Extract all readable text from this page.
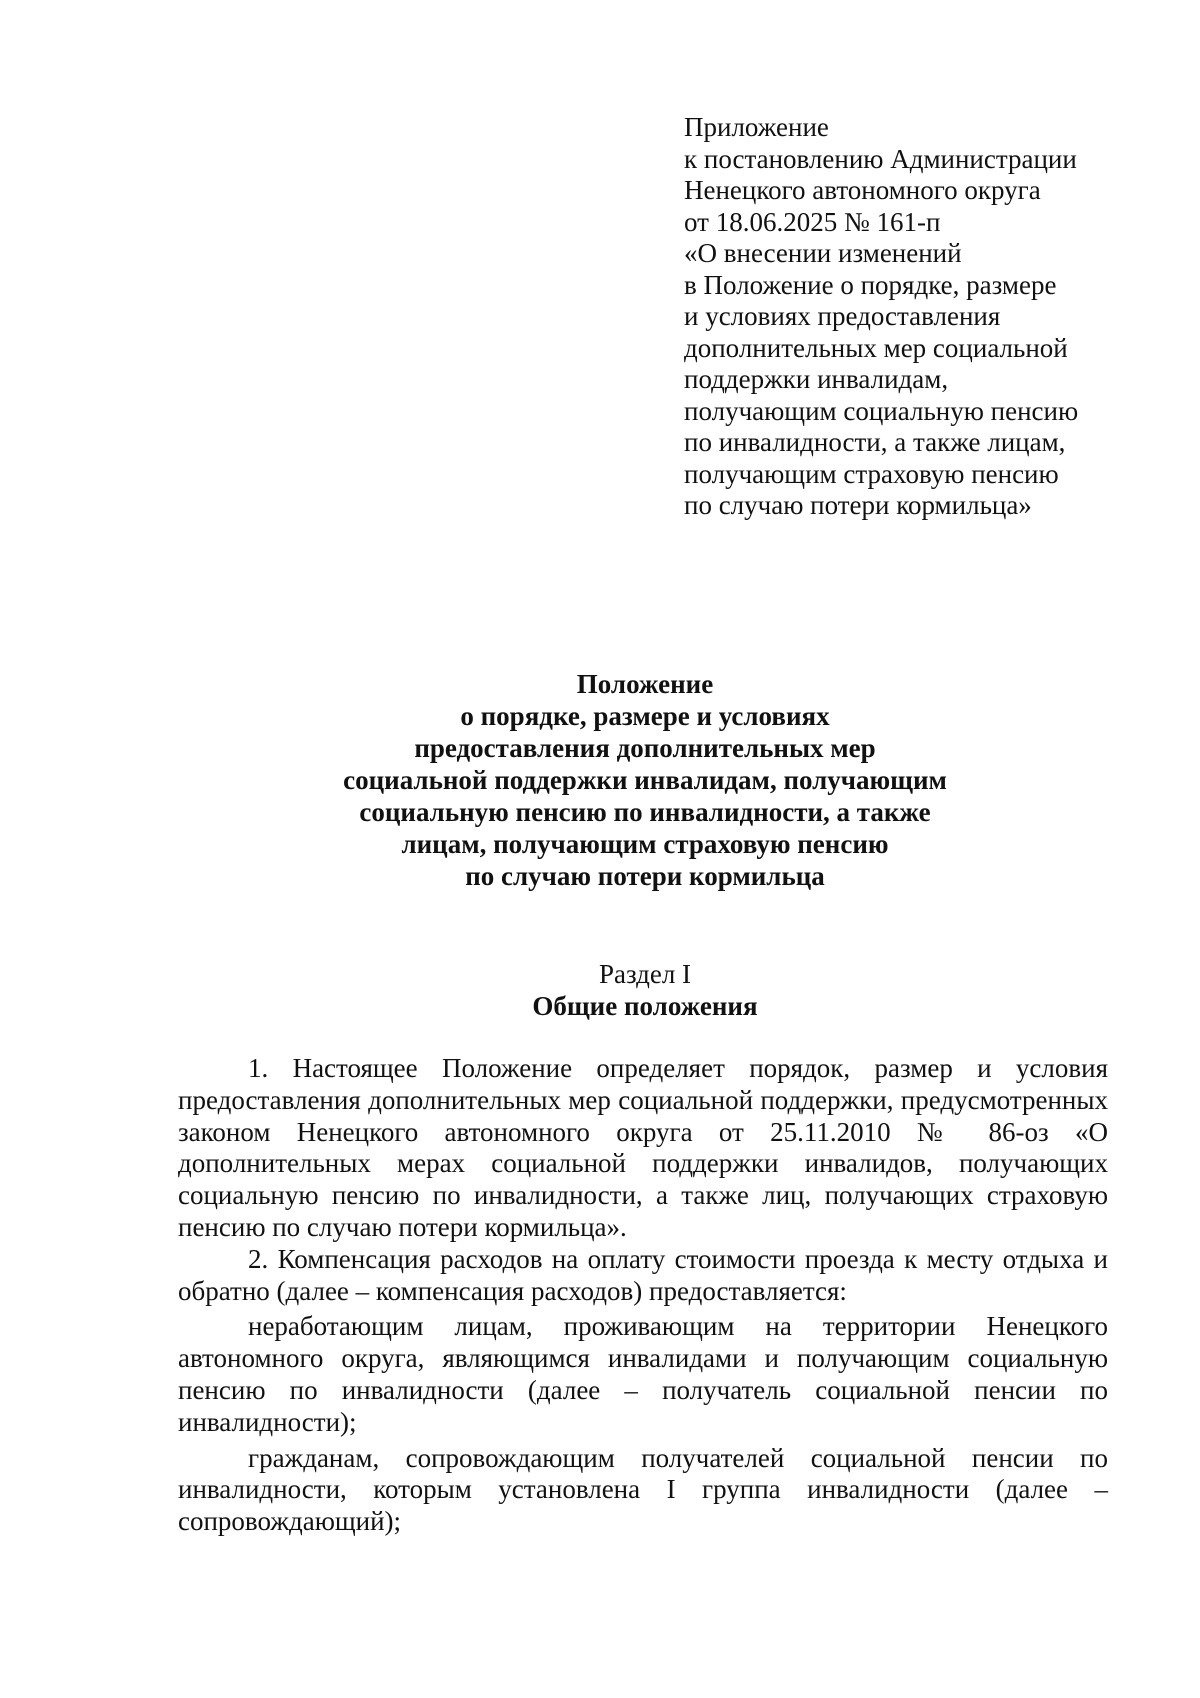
Приложение
к постановлению Администрации
Ненецкого автономного округа
от 18.06.2025 № 161-п
«О внесении изменений
в Положение о порядке, размере
и условиях предоставления
дополнительных мер социальной
поддержки инвалидам,
получающим социальную пенсию
по инвалидности, а также лицам,
получающим страховую пенсию
по случаю потери кормильца»
Положение
о порядке, размере и условиях
предоставления дополнительных мер
социальной поддержки инвалидам, получающим
социальную пенсию по инвалидности, а также
лицам, получающим страховую пенсию
по случаю потери кормильца
Раздел I
Общие положения

1. Настоящее Положение определяет порядок, размер и условия предоставления дополнительных мер социальной поддержки, предусмотренных законом Ненецкого автономного округа от 25.11.2010 № 86-оз «О дополнительных мерах социальной поддержки инвалидов, получающих социальную пенсию по инвалидности, а также лиц, получающих страховую пенсию по случаю потери кормильца».

2. Компенсация расходов на оплату стоимости проезда к месту отдыха и обратно (далее – компенсация расходов) предоставляется:

неработающим лицам, проживающим на территории Ненецкого автономного округа, являющимся инвалидами и получающим социальную пенсию по инвалидности (далее – получатель социальной пенсии по инвалидности);

гражданам, сопровождающим получателей социальной пенсии по инвалидности, которым установлена I группа инвалидности (далее – сопровождающий);
